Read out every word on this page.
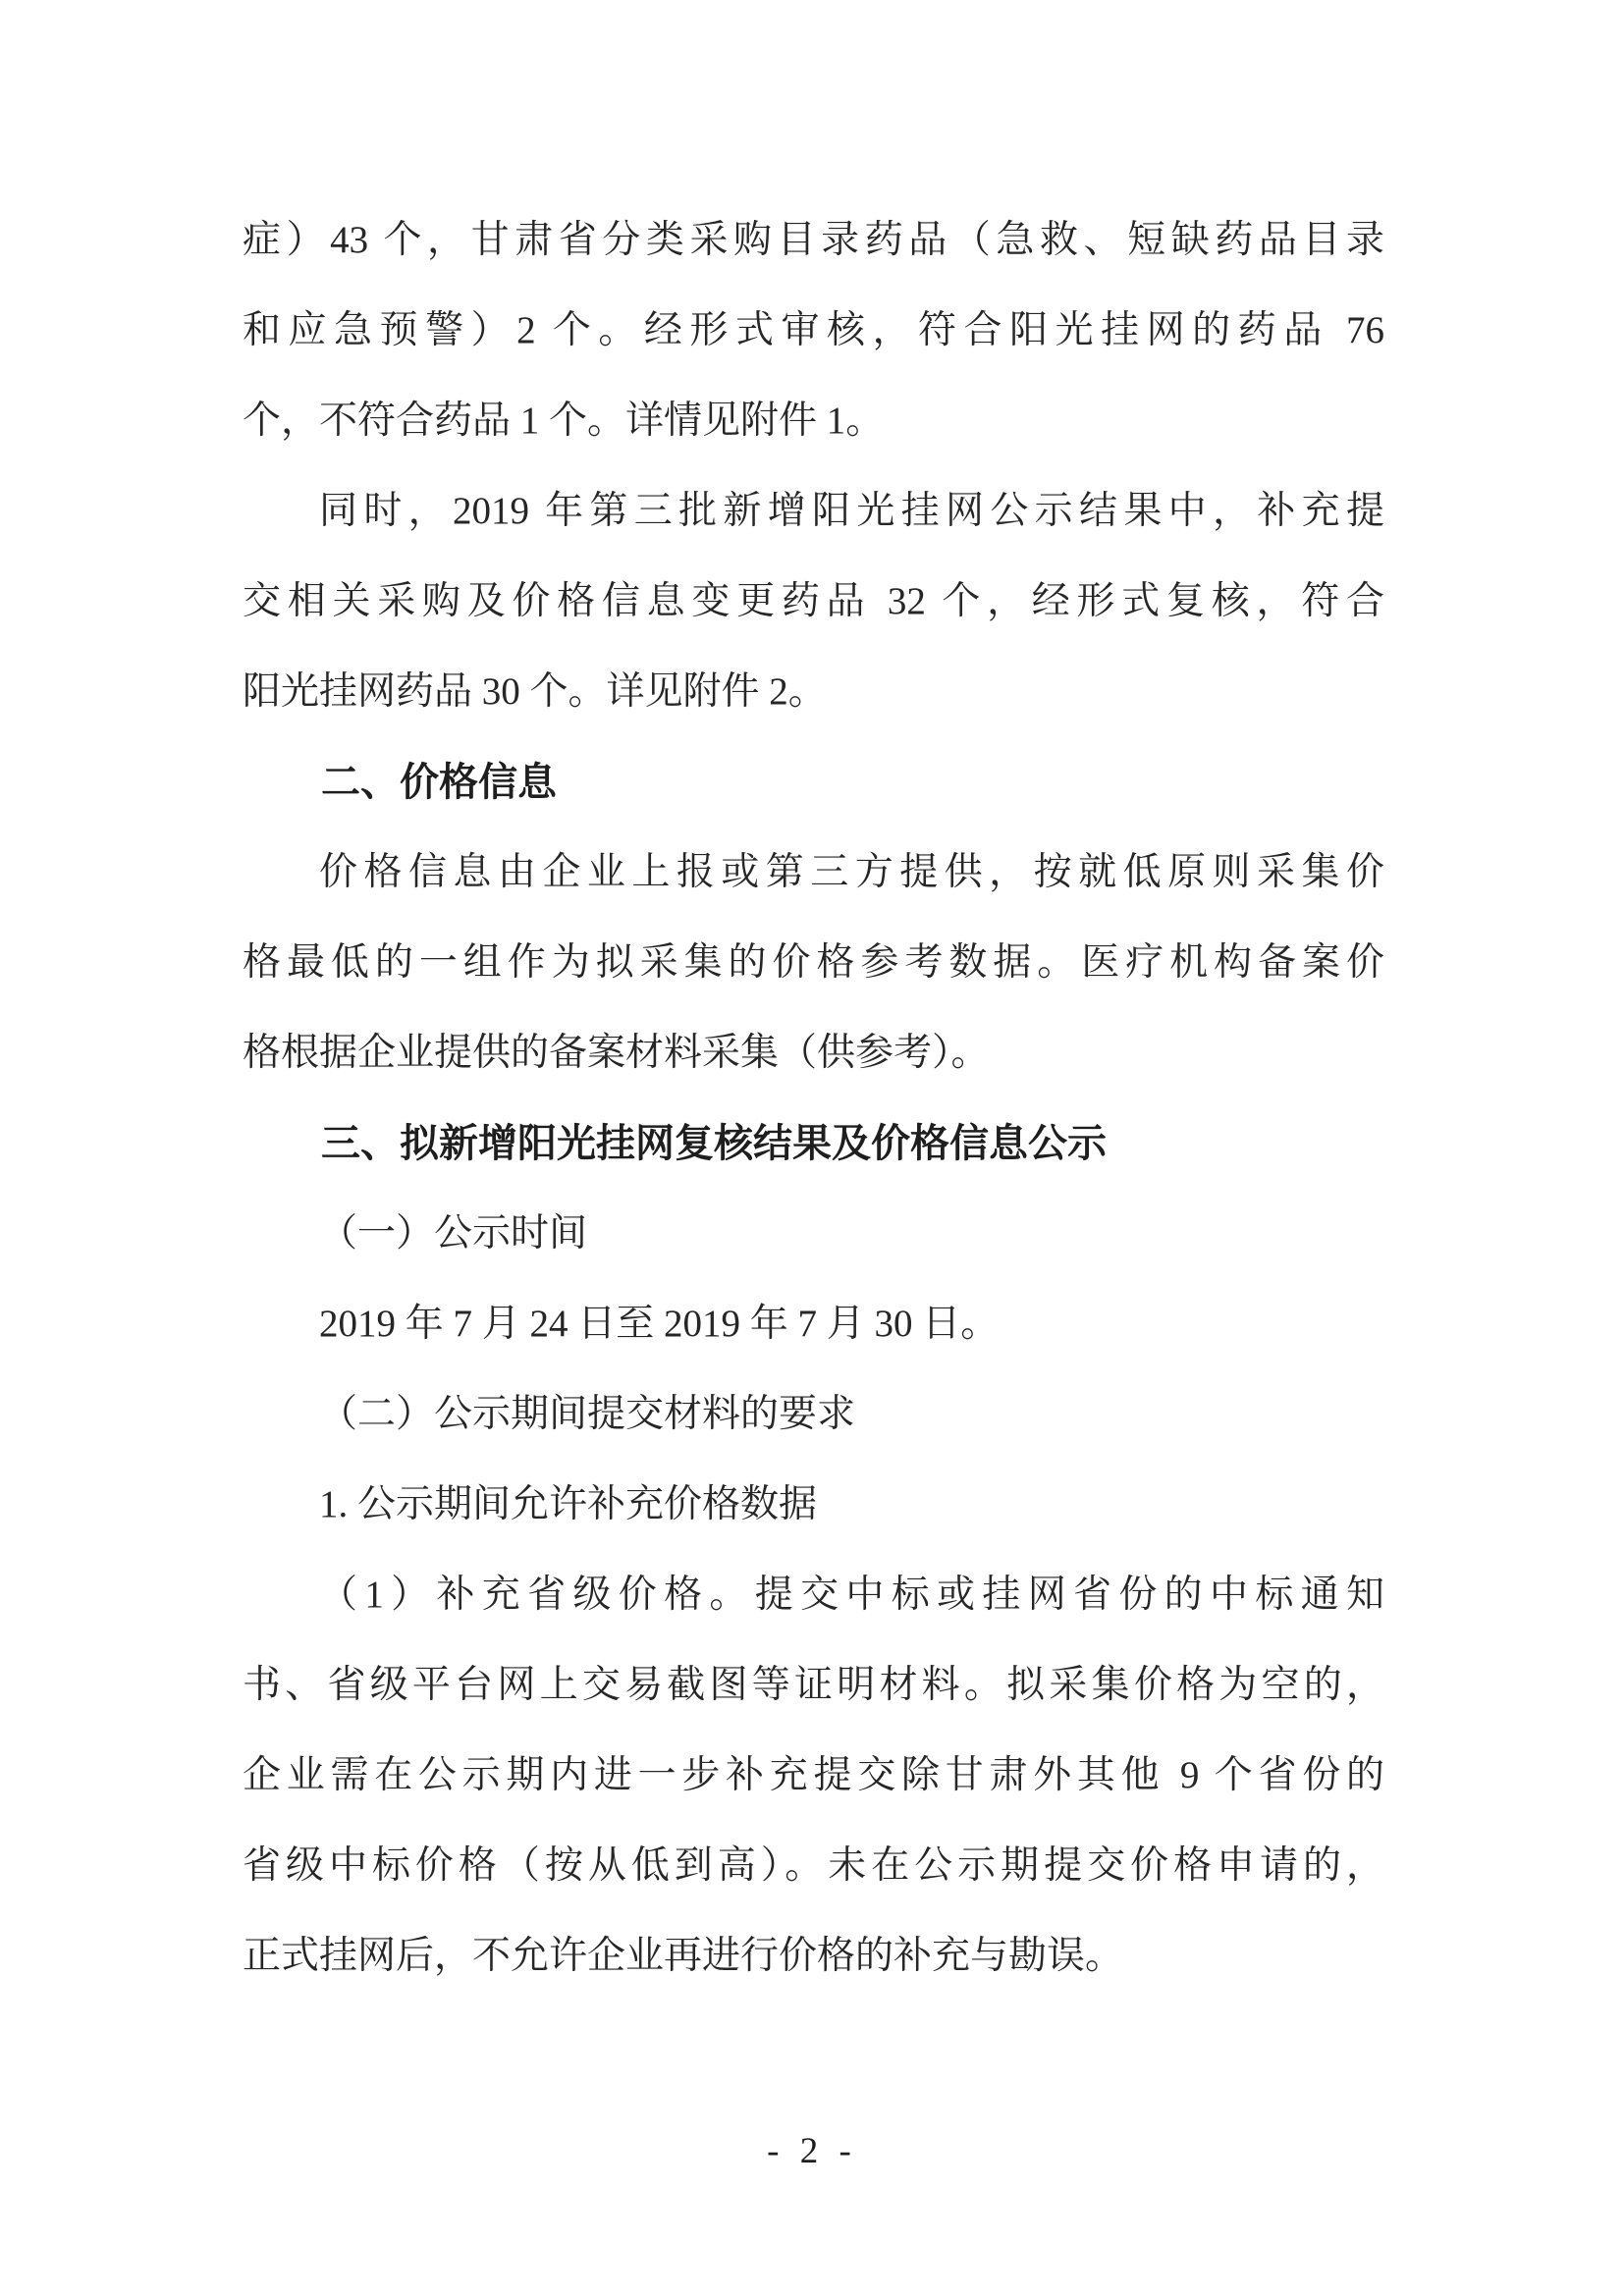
症）43 个，甘肃省分类采购目录药品（急救、短缺药品目录
和应急预警）2 个。经形式审核，符合阳光挂网的药品 76
个，不符合药品 1 个。详情见附件 1。
同时，2019 年第三批新增阳光挂网公示结果中，补充提
交相关采购及价格信息变更药品 32 个，经形式复核，符合
阳光挂网药品 30 个。详见附件 2。
二、价格信息
价格信息由企业上报或第三方提供，按就低原则采集价
格最低的一组作为拟采集的价格参考数据。医疗机构备案价
格根据企业提供的备案材料采集（供参考）。
三、拟新增阳光挂网复核结果及价格信息公示
（一）公示时间
2019 年 7 月 24 日至 2019 年 7 月 30 日。
（二）公示期间提交材料的要求
1. 公示期间允许补充价格数据
（1）补充省级价格。提交中标或挂网省份的中标通知
书、省级平台网上交易截图等证明材料。拟采集价格为空的，
企业需在公示期内进一步补充提交除甘肃外其他 9 个省份的
省级中标价格（按从低到高）。未在公示期提交价格申请的，
正式挂网后，不允许企业再进行价格的补充与勘误。
- 2 -
